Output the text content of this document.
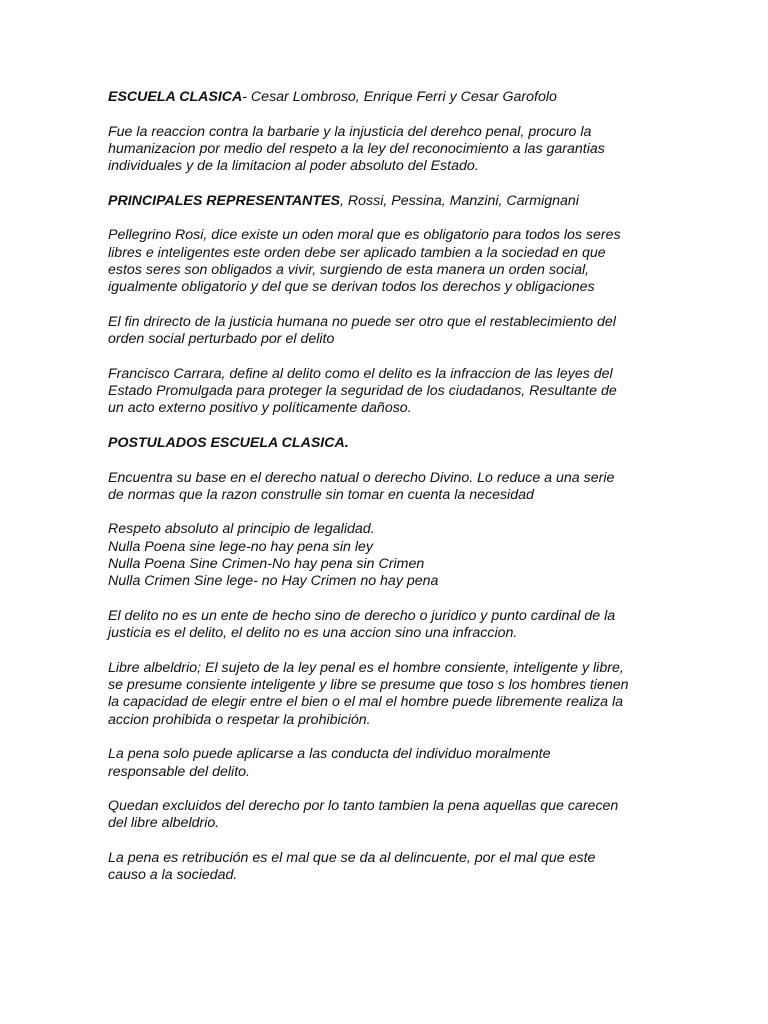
ESCUELA CLASICA- Cesar Lombroso, Enrique Ferri y Cesar Garofolo

Fue la reaccion contra la barbarie y la injusticia del derehco penal, procuro la
humanizacion por medio del respeto a la ley del reconocimiento a las garantias
individuales y de la limitacion al poder absoluto del Estado.

PRINCIPALES REPRESENTANTES, Rossi, Pessina, Manzini, Carmignani

Pellegrino Rosi, dice existe un oden moral que es obligatorio para todos los seres
libres e inteligentes este orden debe ser aplicado tambien a la sociedad en que
estos seres son obligados a vivir, surgiendo de esta manera un orden social,
igualmente obligatorio y del que se derivan todos los derechos y obligaciones

El fin drirecto de la justicia humana no puede ser otro que el restablecimiento del
orden social perturbado por el delito

Francisco Carrara, define al delito como el delito es la infraccion de las leyes del
Estado Promulgada para proteger la seguridad de los ciudadanos, Resultante de
un acto externo positivo y políticamente dañoso.

POSTULADOS ESCUELA CLASICA.

Encuentra su base en el derecho natual o derecho Divino. Lo reduce a una serie
de normas que la razon construlle sin tomar en cuenta la necesidad

Respeto absoluto al principio de legalidad.
Nulla Poena sine lege-no hay pena sin ley
Nulla Poena Sine Crimen-No hay pena sin Crimen
Nulla Crimen Sine lege- no Hay Crimen no hay pena

El delito no es un ente de hecho sino de derecho o juridico y punto cardinal de la
justicia es el delito, el delito no es una accion sino una infraccion.

Libre albeldrio; El sujeto de la ley penal es el hombre consiente, inteligente y libre,
se presume consiente inteligente y libre se presume que toso s los hombres tienen
la capacidad de elegir entre el bien o el mal el hombre puede libremente realiza la
accion prohibida o respetar la prohibición.

La pena solo puede aplicarse a las conducta del individuo moralmente
responsable del delito.

Quedan excluidos del derecho por lo tanto tambien la pena aquellas que carecen
del libre albeldrio.

La pena es retribución es el mal que se da al delincuente, por el mal que este
causo a la sociedad.
